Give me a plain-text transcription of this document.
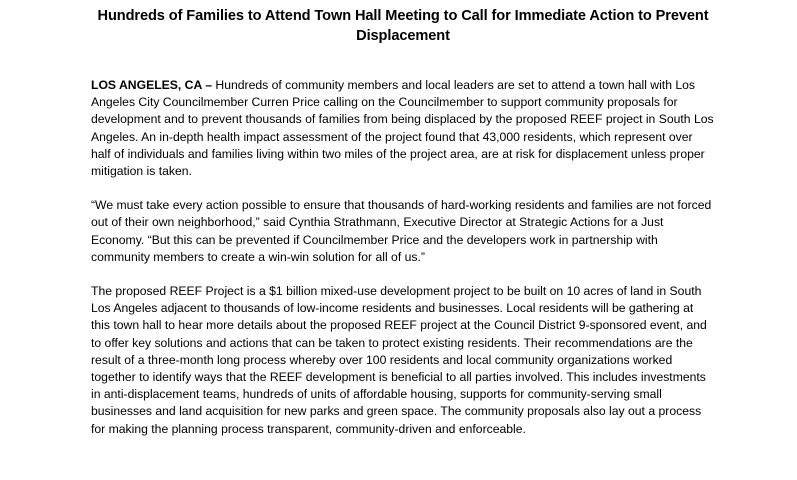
Hundreds of Families to Attend Town Hall Meeting to Call for Immediate Action to Prevent Displacement

LOS ANGELES, CA – Hundreds of community members and local leaders are set to attend a town hall with Los Angeles City Councilmember Curren Price calling on the Councilmember to support community proposals for development and to prevent thousands of families from being displaced by the proposed REEF project in South Los Angeles. An in-depth health impact assessment of the project found that 43,000 residents, which represent over half of individuals and families living within two miles of the project area, are at risk for displacement unless proper mitigation is taken.

“We must take every action possible to ensure that thousands of hard-working residents and families are not forced out of their own neighborhood,” said Cynthia Strathmann, Executive Director at Strategic Actions for a Just Economy. “But this can be prevented if Councilmember Price and the developers work in partnership with community members to create a win-win solution for all of us.”

The proposed REEF Project is a $1 billion mixed-use development project to be built on 10 acres of land in South Los Angeles adjacent to thousands of low-income residents and businesses. Local residents will be gathering at this town hall to hear more details about the proposed REEF project at the Council District 9-sponsored event, and to offer key solutions and actions that can be taken to protect existing residents. Their recommendations are the result of a three-month long process whereby over 100 residents and local community organizations worked together to identify ways that the REEF development is beneficial to all parties involved. This includes investments in anti-displacement teams, hundreds of units of affordable housing, supports for community-serving small businesses and land acquisition for new parks and green space. The community proposals also lay out a process for making the planning process transparent, community-driven and enforceable.
